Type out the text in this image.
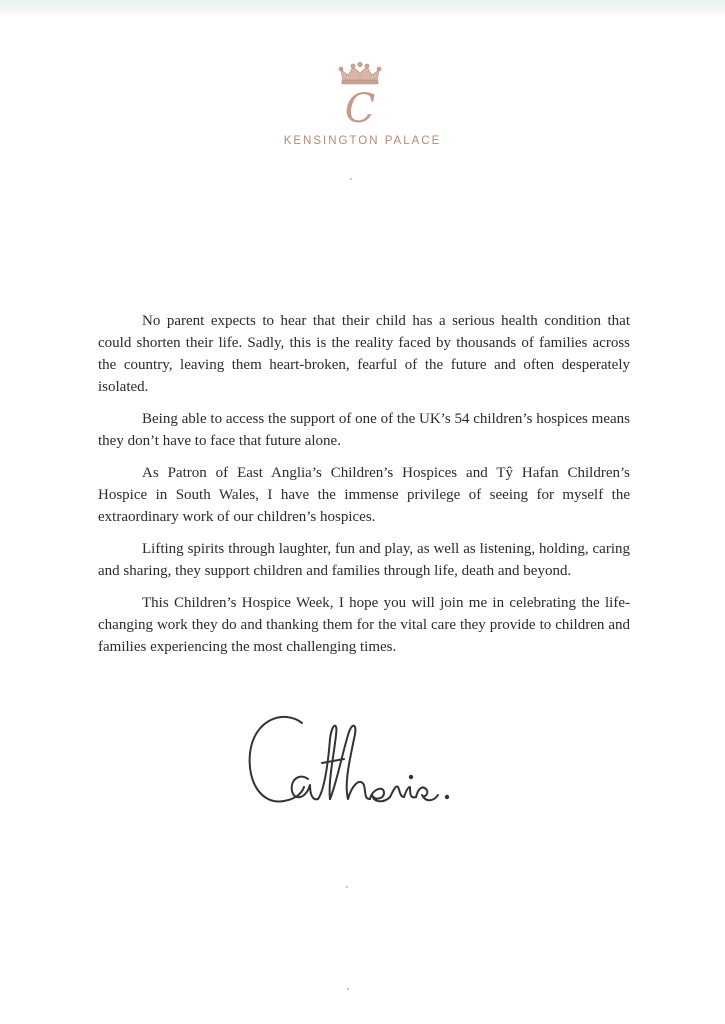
C
KENSINGTON PALACE

No parent expects to hear that their child has a serious health condition that could shorten their life. Sadly, this is the reality faced by thousands of families across the country, leaving them heart-broken, fearful of the future and often desperately isolated.

Being able to access the support of one of the UK’s 54 children’s hospices means they don’t have to face that future alone.

As Patron of East Anglia’s Children’s Hospices and Tŷ Hafan Children’s Hospice in South Wales, I have the immense privilege of seeing for myself the extraordinary work of our children’s hospices.

Lifting spirits through laughter, fun and play, as well as listening, holding, caring and sharing, they support children and families through life, death and beyond.

This Children’s Hospice Week, I hope you will join me in celebrating the life-changing work they do and thanking them for the vital care they provide to children and families experiencing the most challenging times.
